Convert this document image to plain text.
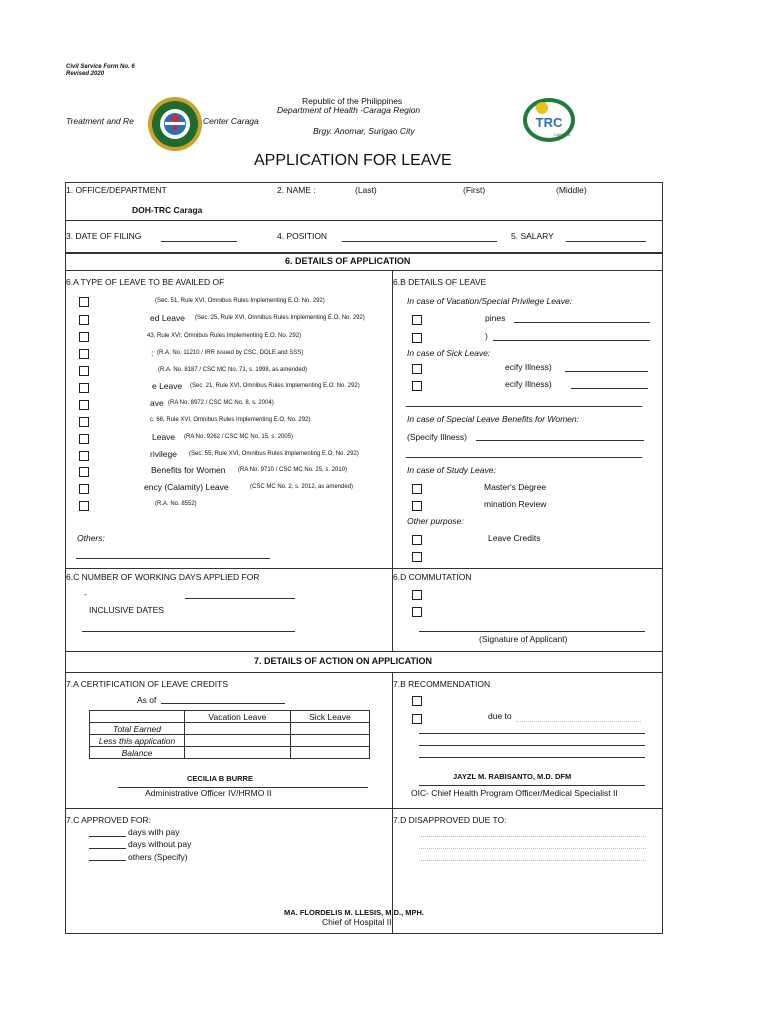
Civil Service Form No. 6
Revised 2020
Treatment and Re	Center Caraga
Republic of the Philippines
Department of Health -Caraga Region
Brgy. Anomar, Surigao City
TRC
CARAGA
APPLICATION FOR LEAVE
1. OFFICE/DEPARTMENT
DOH-TRC Caraga
2. NAME :	(Last)	(First)	(Middle)
3. DATE OF FILING	4. POSITION	5. SALARY
6. DETAILS OF APPLICATION
6.A TYPE OF LEAVE TO BE AVAILED OF
(Sec. 51, Rule XVI, Omnibus Rules Implementing E.O. No. 292)
ed Leave (Sec. 25, Rule XVI, Omnibus Rules Implementing E.O. No. 292)
43, Rule XVI, Omnibus Rules Implementing E.O. No. 292)
: (R.A. No. 11210 / IRR issued by CSC, DOLE and SSS)
(R.A. No. 8187 / CSC MC No. 71, s. 1998, as amended)
e Leave (Sec. 21, Rule XVI, Omnibus Rules Implementing E.O. No. 292)
ave (RA No. 8972 / CSC MC No. 8, s. 2004)
c. 68, Rule XVI, Omnibus Rules Implementing E.O. No. 292)
Leave (RA No. 9262 / CSC MC No. 15, s. 2005)
rivilege (Sec. 55, Rule XVI, Omnibus Rules Implementing E.O. No. 292)
Benefits for Women (RA No. 9710 / CSC MC No. 25, s. 2010)
ency (Calamity) Leave	(CSC MC No. 2, s. 2012, as amended)
(R.A. No. 8552)
Others:
6.B DETAILS OF LEAVE
In case of Vacation/Special Privilege Leave:
pines
)
In case of Sick Leave:
ecify Illness)
ecify Illness)
In case of Special Leave Benefits for Women:
(Specify Illness)
In case of Study Leave:
Master's Degree
mination Review
Other purpose:
Leave Credits
6.C NUMBER OF WORKING DAYS APPLIED FOR
-
INCLUSIVE DATES
6.D COMMUTATION
(Signature of Applicant)
7. DETAILS OF ACTION ON APPLICATION
7.A CERTIFICATION OF LEAVE CREDITS
As of
	Vacation Leave	Sick Leave
Total Earned		
Less this application		
Balance		
CECILIA B BURRE
Administrative Officer IV/HRMO II
7.B RECOMMENDATION
due to
JAYZL M. RABISANTO, M.D. DFM
OIC- Chief Health Program Officer/Medical Specialist II
7.C APPROVED FOR:
days with pay
days without pay
others (Specify)
7.D DISAPPROVED DUE TO:
MA. FLORDELIS M. LLESIS, M.D., MPH.
Chief of Hospital II
